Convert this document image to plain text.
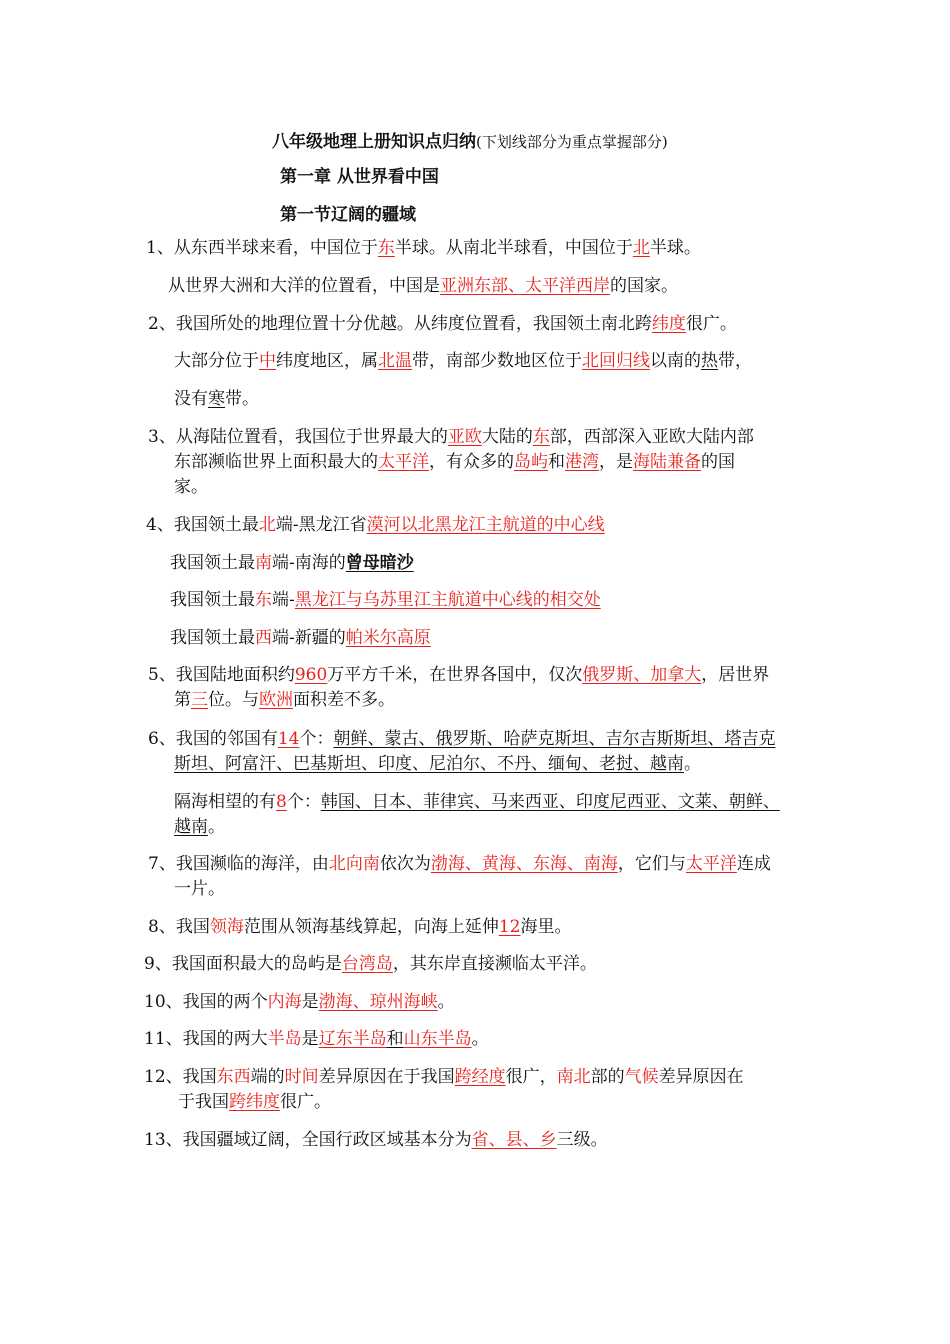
八年级地理上册知识点归纳(下划线部分为重点掌握部分)
第一章 从世界看中国
第一节辽阔的疆域
1、从东西半球来看，中国位于东半球。从南北半球看，中国位于北半球。
从世界大洲和大洋的位置看，中国是亚洲东部、太平洋西岸的国家。
2、我国所处的地理位置十分优越。从纬度位置看，我国领土南北跨纬度很广。
大部分位于中纬度地区，属北温带，南部少数地区位于北回归线以南的热带，
没有寒带。
3、从海陆位置看，我国位于世界最大的亚欧大陆的东部，西部深入亚欧大陆内部
东部濒临世界上面积最大的太平洋，有众多的岛屿和港湾，是海陆兼备的国
家。
4、我国领土最北端-黑龙江省漠河以北黑龙江主航道的中心线
我国领土最南端-南海的曾母暗沙
我国领土最东端-黑龙江与乌苏里江主航道中心线的相交处
我国领土最西端-新疆的帕米尔高原
5、我国陆地面积约960万平方千米，在世界各国中，仅次俄罗斯、加拿大，居世界
第三位。与欧洲面积差不多。
6、我国的邻国有14个：朝鲜、蒙古、俄罗斯、哈萨克斯坦、吉尔吉斯斯坦、塔吉克
斯坦、阿富汗、巴基斯坦、印度、尼泊尔、不丹、缅甸、老挝、越南。
隔海相望的有8个：韩国、日本、菲律宾、马来西亚、印度尼西亚、文莱、朝鲜、
越南。
7、我国濒临的海洋，由北向南依次为渤海、黄海、东海、南海，它们与太平洋连成
一片。
8、我国领海范围从领海基线算起，向海上延伸12海里。
9、我国面积最大的岛屿是台湾岛，其东岸直接濒临太平洋。
10、我国的两个内海是渤海、琼州海峡。
11、我国的两大半岛是辽东半岛和山东半岛。
12、我国东西端的时间差异原因在于我国跨经度很广，南北部的气候差异原因在
于我国跨纬度很广。
13、我国疆域辽阔，全国行政区域基本分为省、县、乡三级。
